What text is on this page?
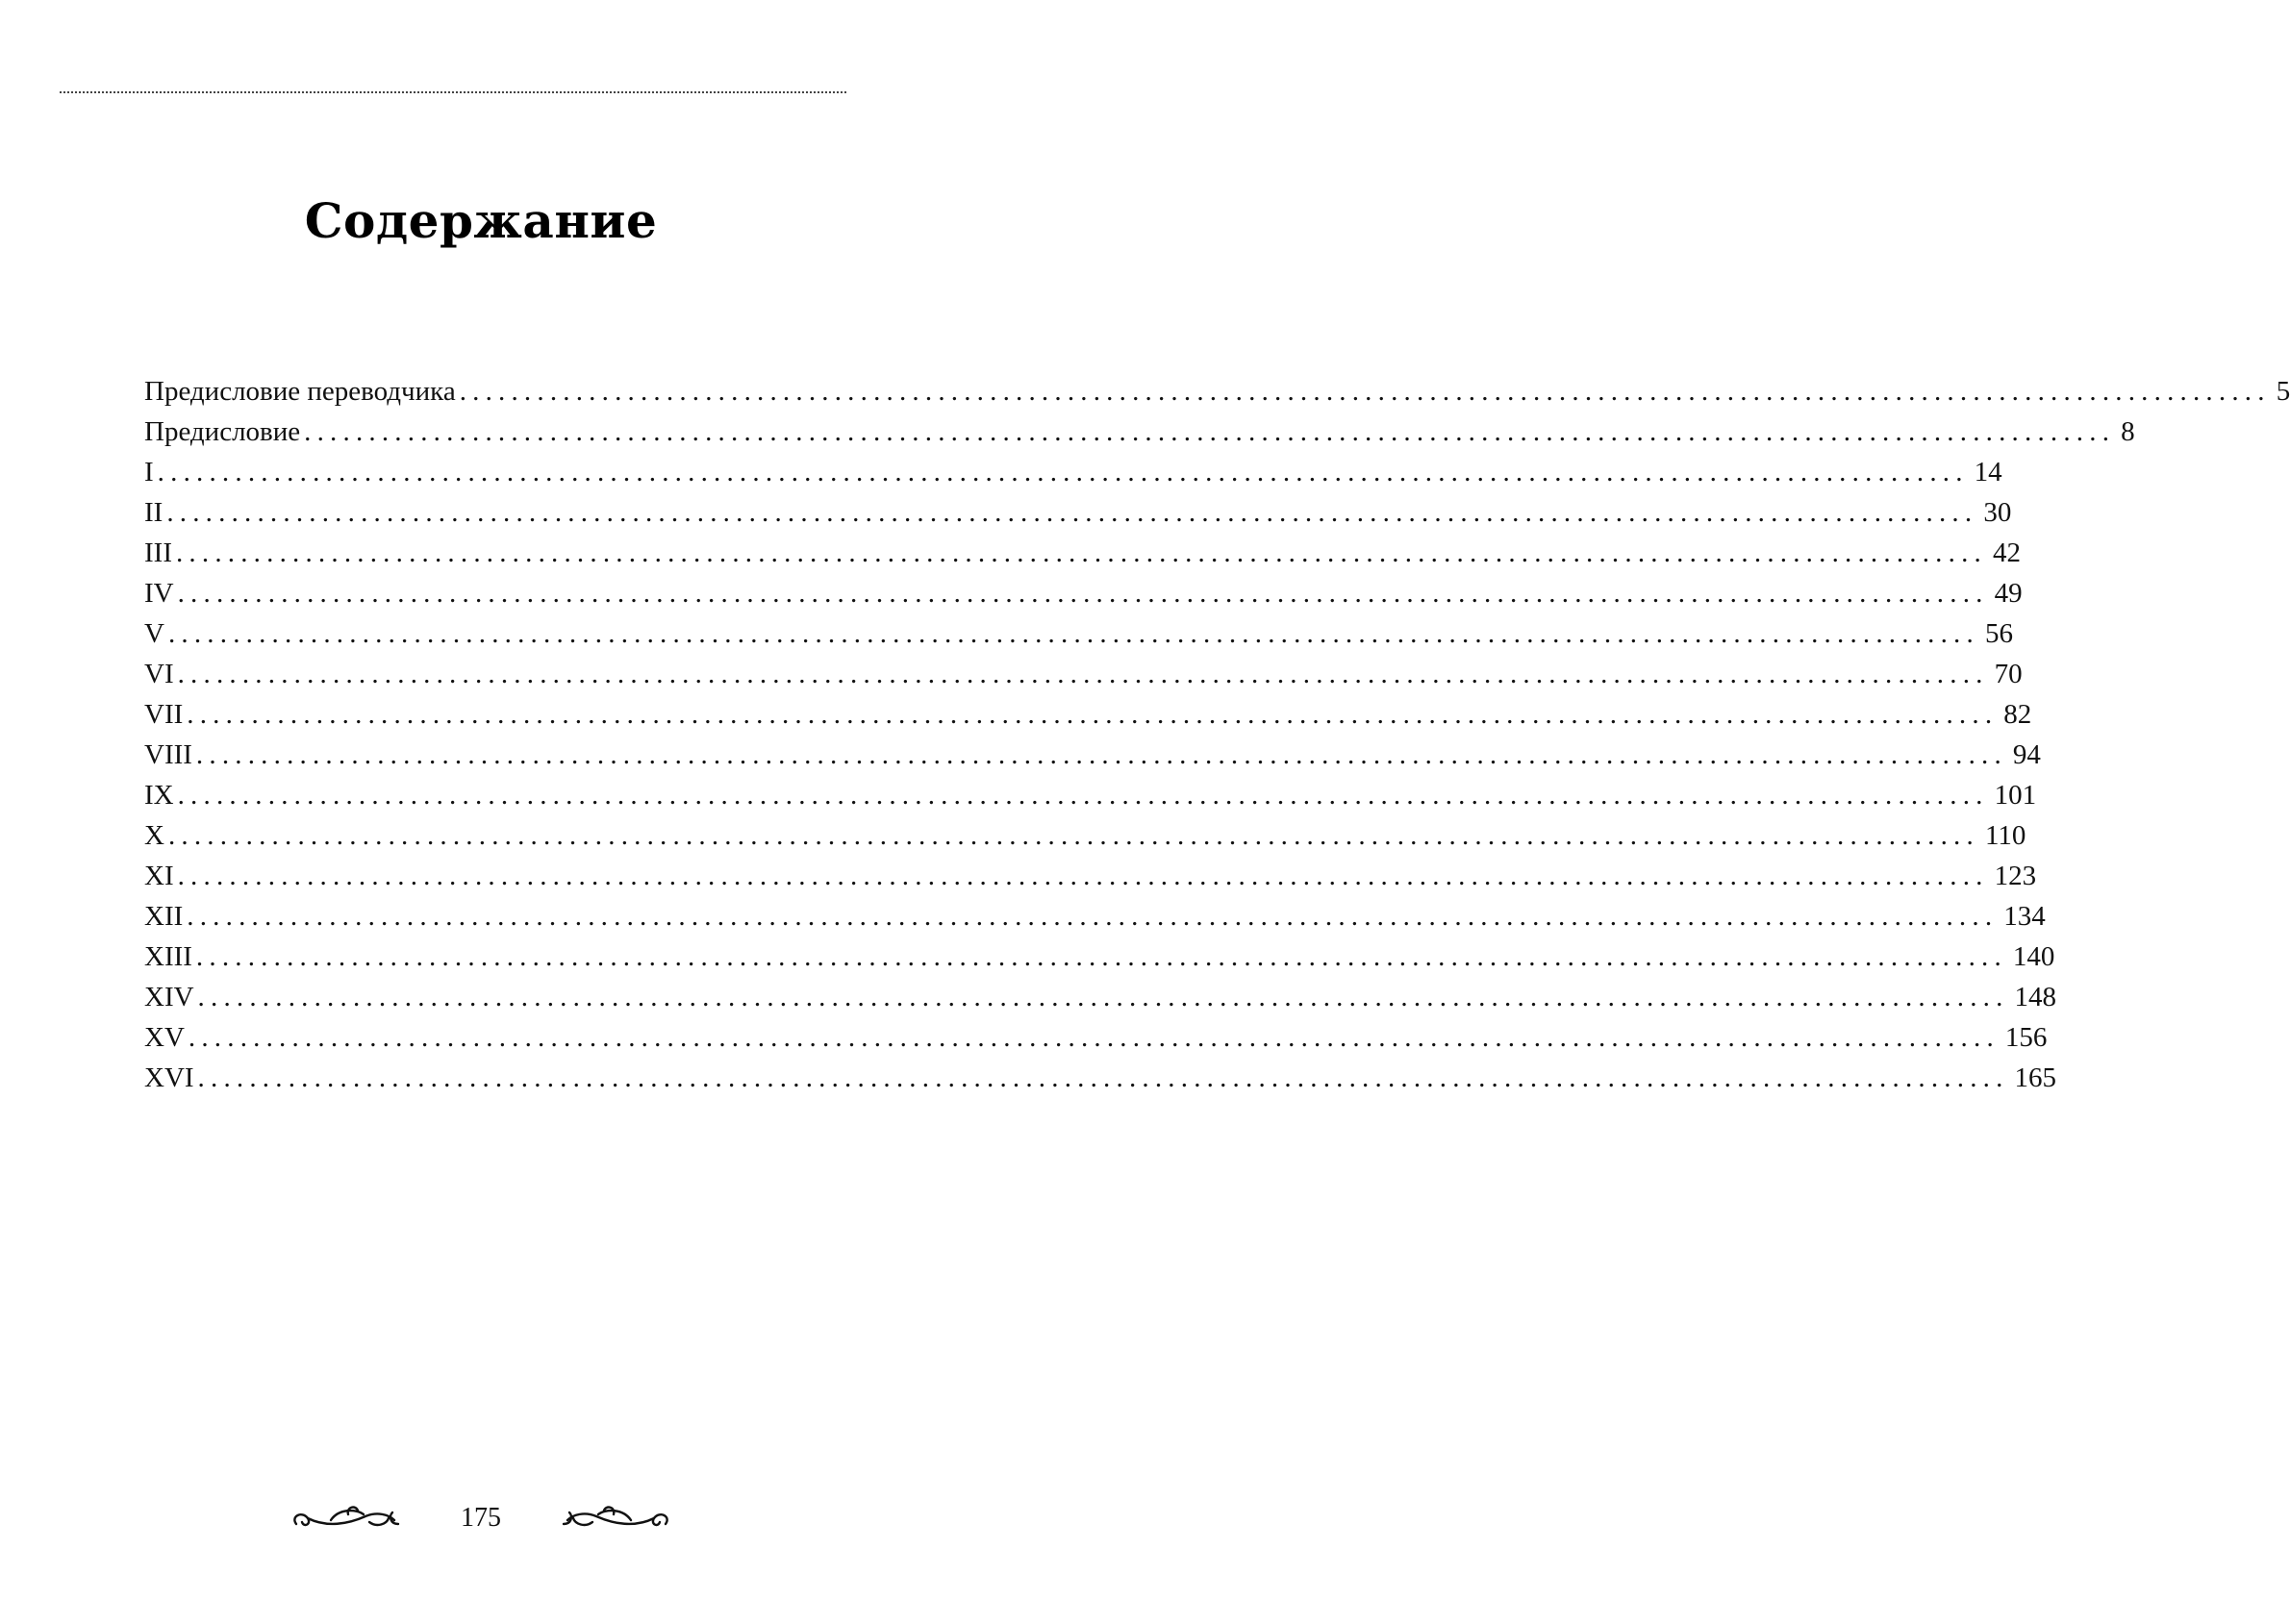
Содержание
Предисловие переводчика ............................................................................................................................................ 5
Предисловие ............................................................................................................................................ 8
I ............................................................................................................................................ 14
II ............................................................................................................................................ 30
III ............................................................................................................................................ 42
IV ............................................................................................................................................ 49
V ............................................................................................................................................ 56
VI ............................................................................................................................................ 70
VII ............................................................................................................................................ 82
VIII ............................................................................................................................................ 94
IX ............................................................................................................................................ 101
X ............................................................................................................................................ 110
XI ............................................................................................................................................ 123
XII ............................................................................................................................................ 134
XIII ............................................................................................................................................ 140
XIV ............................................................................................................................................ 148
XV ............................................................................................................................................ 156
XVI ............................................................................................................................................ 165
175
